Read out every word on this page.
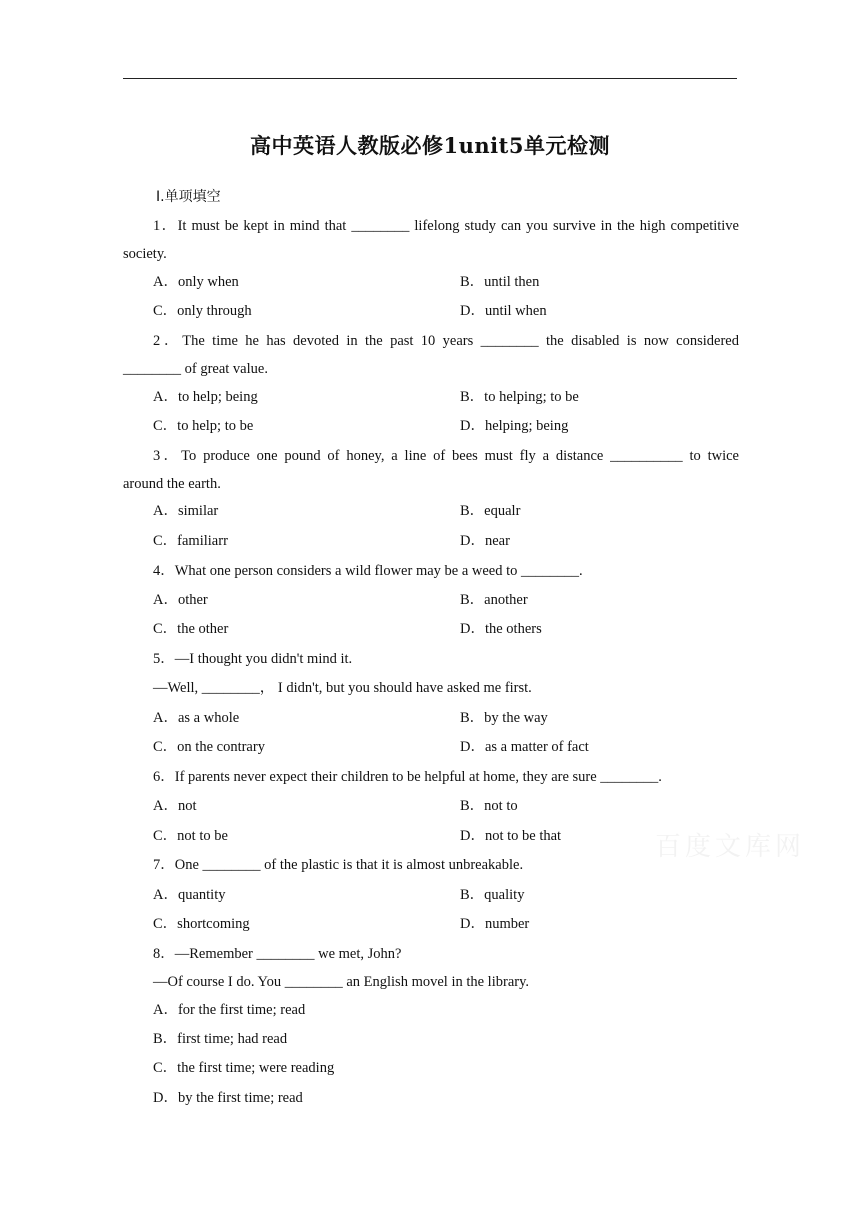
高中英语人教版必修1unit5单元检测
Ⅰ.单项填空
1．It must be kept in mind that ________ lifelong study can you survive in the high competitive
society.
A．only when	B．until then
C．only through	D．until when
2．The time he has devoted in the past 10 years ________ the disabled is now considered
________ of great value.
A．to help; being	B．to helping; to be
C．to help; to be	D．helping; being
3．To produce one pound of honey, a line of bees must fly a distance __________ to twice
around the earth.
A．similar	B．equalr
C．familiarr	D．near
4．What one person considers a wild flower may be a weed to ________.
A．other	B．another
C．the other	D．the others
5．—I thought you didn't mind it.
—Well, ________， I didn't, but you should have asked me first.
A．as a whole	B．by the way
C．on the contrary	D．as a matter of fact
6．If parents never expect their children to be helpful at home, they are sure ________.
A．not	B．not to
C．not to be	D．not to be that	百度文库网
7．One ________ of the plastic is that it is almost unbreakable.
A．quantity	B．quality
C．shortcoming	D．number
8．—Remember ________ we met, John?
—Of course I do. You ________ an English movel in the library.
A．for the first time; read
B．first time; had read
C．the first time; were reading
D．by the first time; read
